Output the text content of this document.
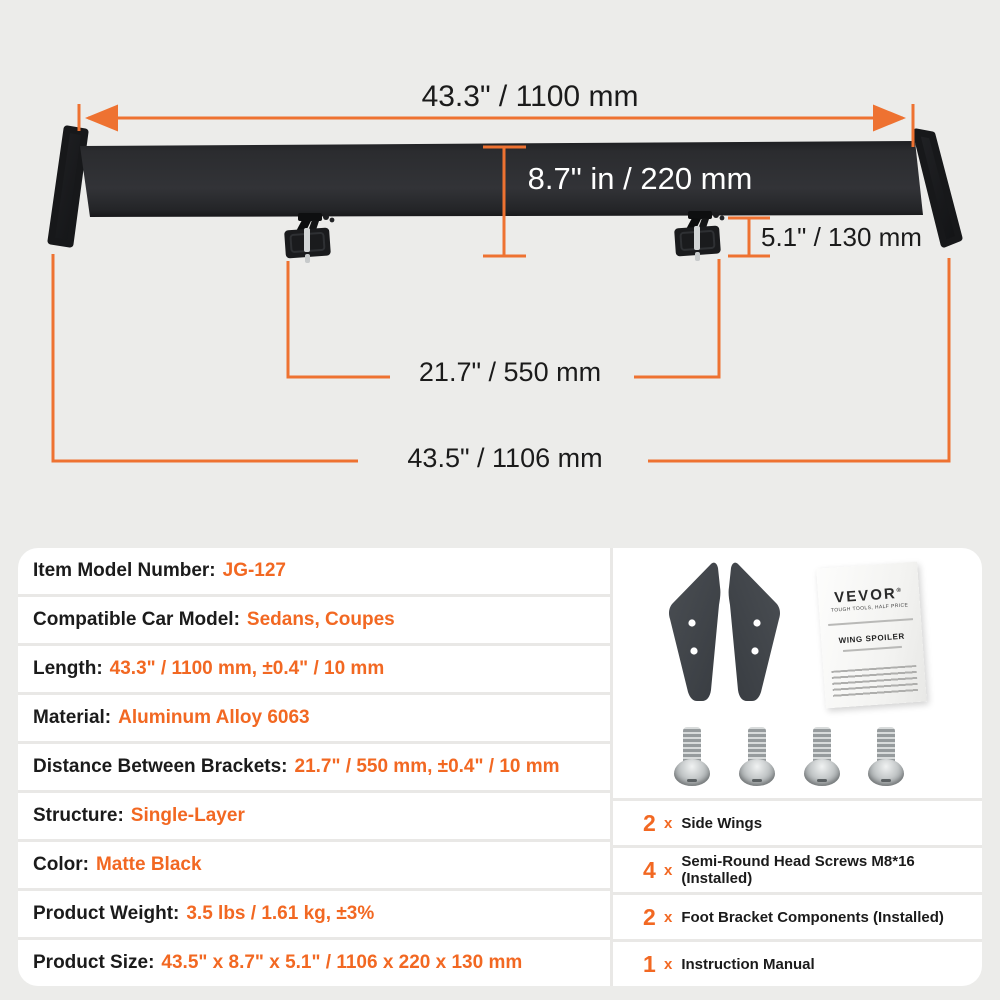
43.3" / 1100 mm
8.7" in / 220 mm
5.1" / 130 mm
21.7" / 550 mm
43.5" / 1106 mm
Item Model Number: JG-127
Compatible Car Model: Sedans, Coupes
Length: 43.3" / 1100 mm, ±0.4" / 10 mm
Material: Aluminum Alloy 6063
Distance Between Brackets: 21.7" / 550 mm, ±0.4" / 10 mm
Structure: Single-Layer
Color: Matte Black
Product Weight: 3.5 lbs / 1.61 kg, ±3%
Product Size: 43.5" x 8.7" x 5.1" / 1106 x 220 x 130 mm
VEVOR®
TOUGH TOOLS, HALF PRICE
WING SPOILER
2 x Side Wings
4 x Semi-Round Head Screws M8*16 (Installed)
2 x Foot Bracket Components (Installed)
1 x Instruction Manual
